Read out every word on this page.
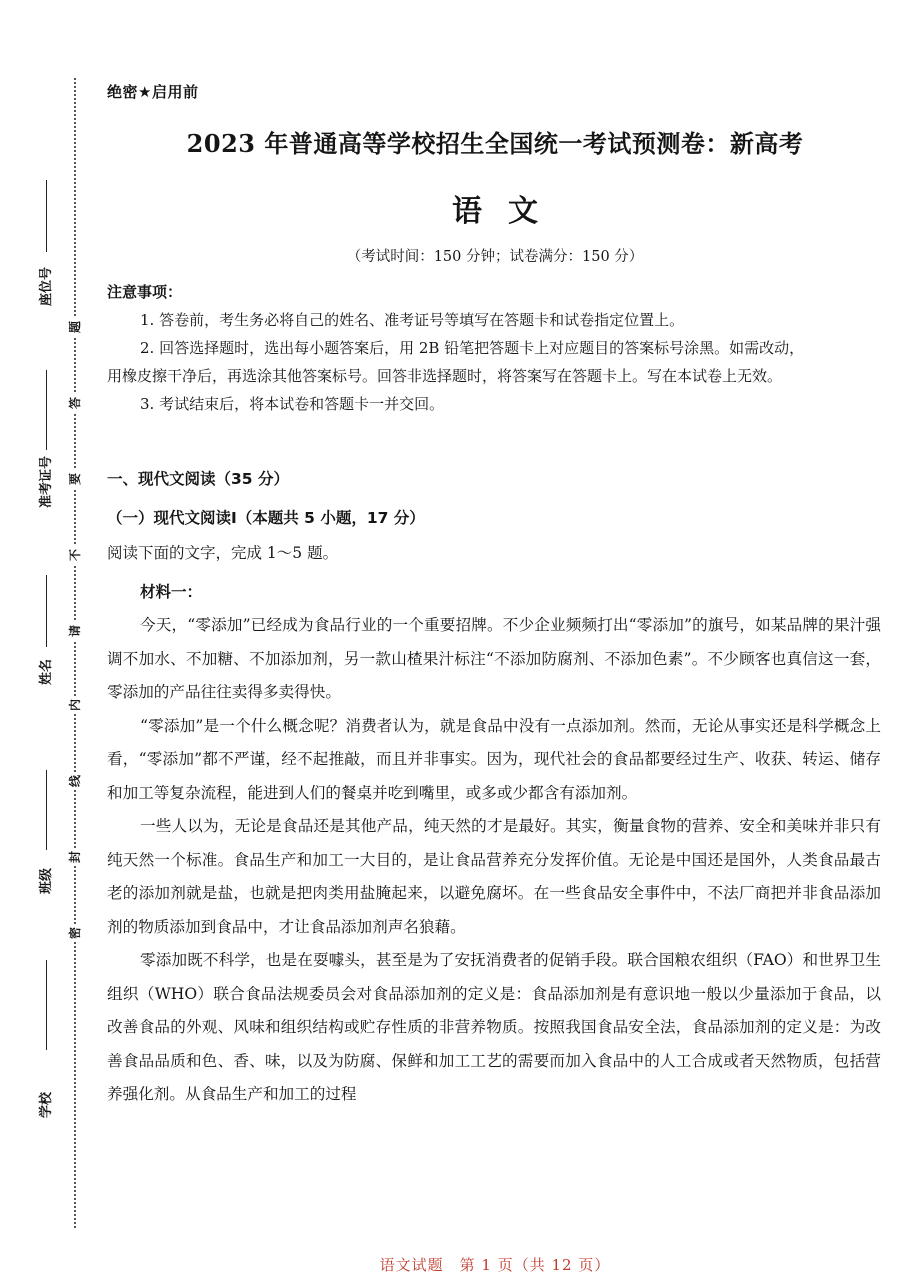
题
答
要
不
请
内
线
封
密
座位号
准考证号
姓名
班级
学校
绝密★启用前
2023 年普通高等学校招生全国统一考试预测卷：新高考
语文
（考试时间：150 分钟；试卷满分：150 分）
注意事项：

1. 答卷前，考生务必将自己的姓名、准考证号等填写在答题卡和试卷指定位置上。

2. 回答选择题时，选出每小题答案后，用 2B 铅笔把答题卡上对应题目的答案标号涂黑。如需改动，用橡皮擦干净后，再选涂其他答案标号。回答非选择题时，将答案写在答题卡上。写在本试卷上无效。

3. 考试结束后，将本试卷和答题卡一并交回。

一、现代文阅读（35 分）
（一）现代文阅读Ⅰ（本题共 5 小题，17 分）
阅读下面的文字，完成 1～5 题。
材料一：

今天，“零添加”已经成为食品行业的一个重要招牌。不少企业频频打出“零添加”的旗号，如某品牌的果汁强调不加水、不加糖、不加添加剂，另一款山楂果汁标注“不添加防腐剂、不添加色素”。不少顾客也真信这一套，零添加的产品往往卖得多卖得快。

“零添加”是一个什么概念呢？消费者认为，就是食品中没有一点添加剂。然而，无论从事实还是科学概念上看，“零添加”都不严谨，经不起推敲，而且并非事实。因为，现代社会的食品都要经过生产、收获、转运、储存和加工等复杂流程，能进到人们的餐桌并吃到嘴里，或多或少都含有添加剂。

一些人以为，无论是食品还是其他产品，纯天然的才是最好。其实，衡量食物的营养、安全和美味并非只有纯天然一个标准。食品生产和加工一大目的，是让食品营养充分发挥价值。无论是中国还是国外，人类食品最古老的添加剂就是盐，也就是把肉类用盐腌起来，以避免腐坏。在一些食品安全事件中，不法厂商把并非食品添加剂的物质添加到食品中，才让食品添加剂声名狼藉。

零添加既不科学，也是在耍噱头，甚至是为了安抚消费者的促销手段。联合国粮农组织（FAO）和世界卫生组织（WHO）联合食品法规委员会对食品添加剂的定义是：食品添加剂是有意识地一般以少量添加于食品，以改善食品的外观、风味和组织结构或贮存性质的非营养物质。按照我国食品安全法，食品添加剂的定义是：为改善食品品质和色、香、味，以及为防腐、保鲜和加工工艺的需要而加入食品中的人工合成或者天然物质，包括营养强化剂。从食品生产和加工的过程

语文试题　第 1 页（共 12 页）
